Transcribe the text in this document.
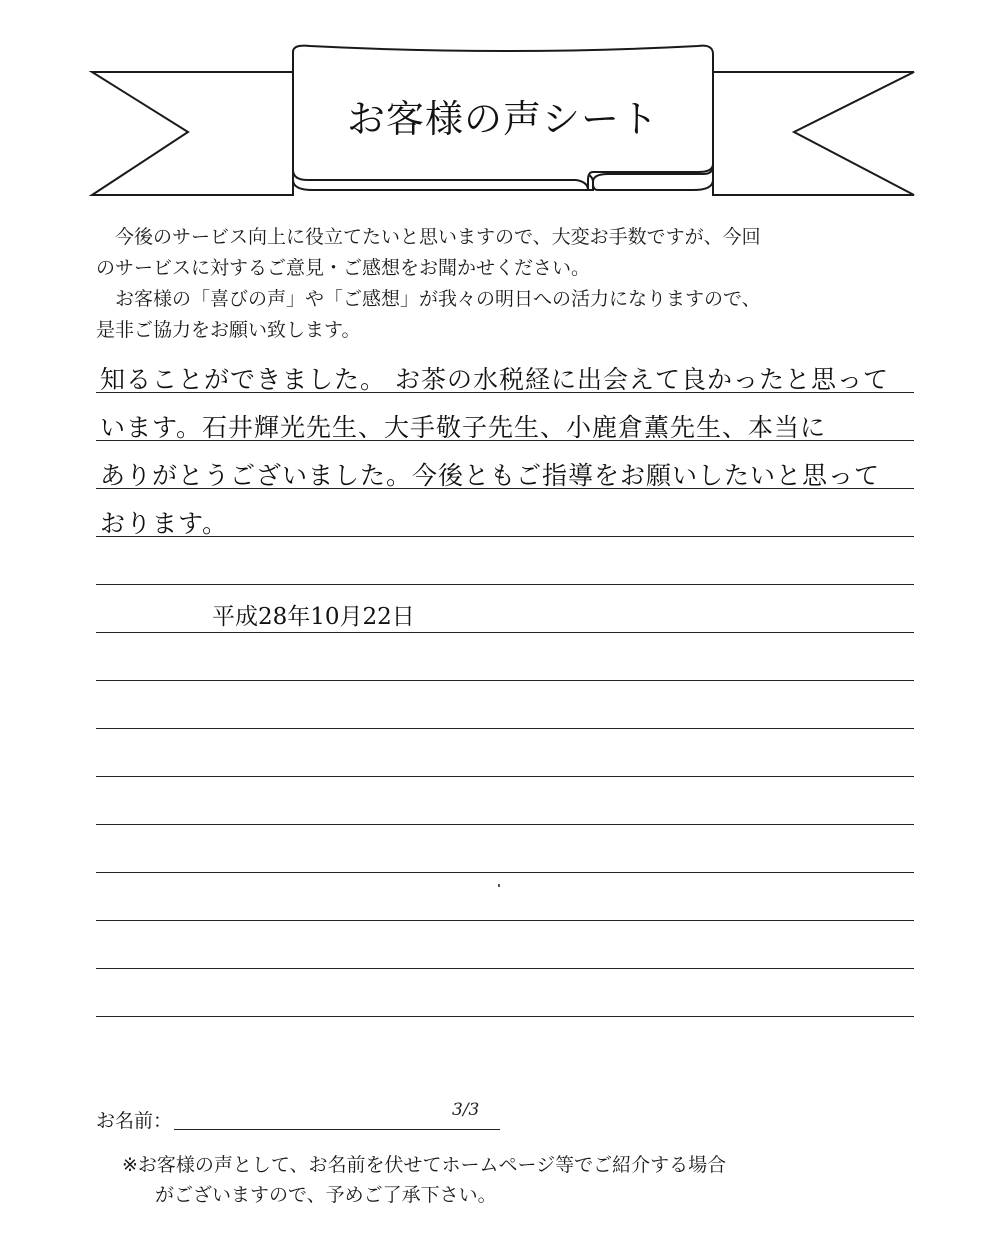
お客様の声シート

今後のサービス向上に役立てたいと思いますので、大変お手数ですが、今回

のサービスに対するご意見・ご感想をお聞かせください。

お客様の「喜びの声」や「ご感想」が我々の明日への活力になりますので、

是非ご協力をお願い致します。

知ることができました。 お茶の水税経に出会えて良かったと思って
います。石井輝光先生、大手敬子先生、小鹿倉薫先生、本当に
ありがとうございました。今後ともご指導をお願いしたいと思って
おります。
平成28年10月22日
お名前：	3/3

※お客様の声として、お名前を伏せてホームページ等でご紹介する場合

がございますので、予めご了承下さい。
